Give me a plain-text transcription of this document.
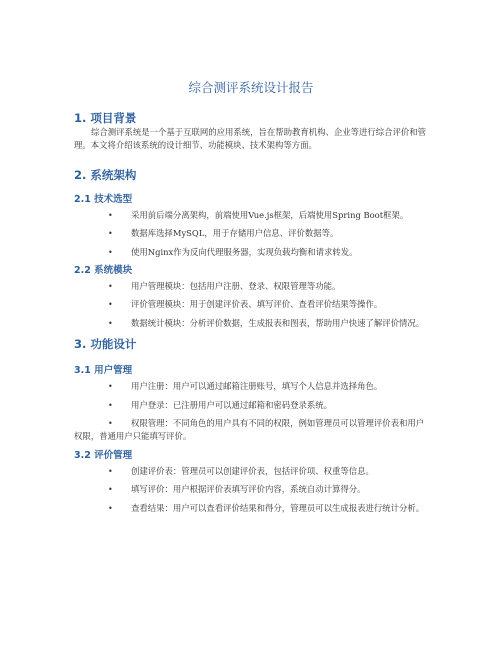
综合测评系统设计报告
1. 项目背景

综合测评系统是一个基于互联网的应用系统，旨在帮助教育机构、企业等进行综合评价和管理。本文将介绍该系统的设计细节、功能模块、技术架构等方面。

2. 系统架构
2.1 技术选型
• 采用前后端分离架构，前端使用Vue.js框架，后端使用Spring Boot框架。
• 数据库选择MySQL，用于存储用户信息、评价数据等。
• 使用Nginx作为反向代理服务器，实现负载均衡和请求转发。
2.2 系统模块
• 用户管理模块：包括用户注册、登录、权限管理等功能。
• 评价管理模块：用于创建评价表、填写评价、查看评价结果等操作。
• 数据统计模块：分析评价数据，生成报表和图表，帮助用户快速了解评价情况。
3. 功能设计
3.1 用户管理
• 用户注册：用户可以通过邮箱注册账号，填写个人信息并选择角色。
• 用户登录：已注册用户可以通过邮箱和密码登录系统。
• 权限管理：不同角色的用户具有不同的权限，例如管理员可以管理评价表和用户权限，普通用户只能填写评价。
3.2 评价管理
• 创建评价表：管理员可以创建评价表，包括评价项、权重等信息。
• 填写评价：用户根据评价表填写评价内容，系统自动计算得分。
• 查看结果：用户可以查看评价结果和得分，管理员可以生成报表进行统计分析。
